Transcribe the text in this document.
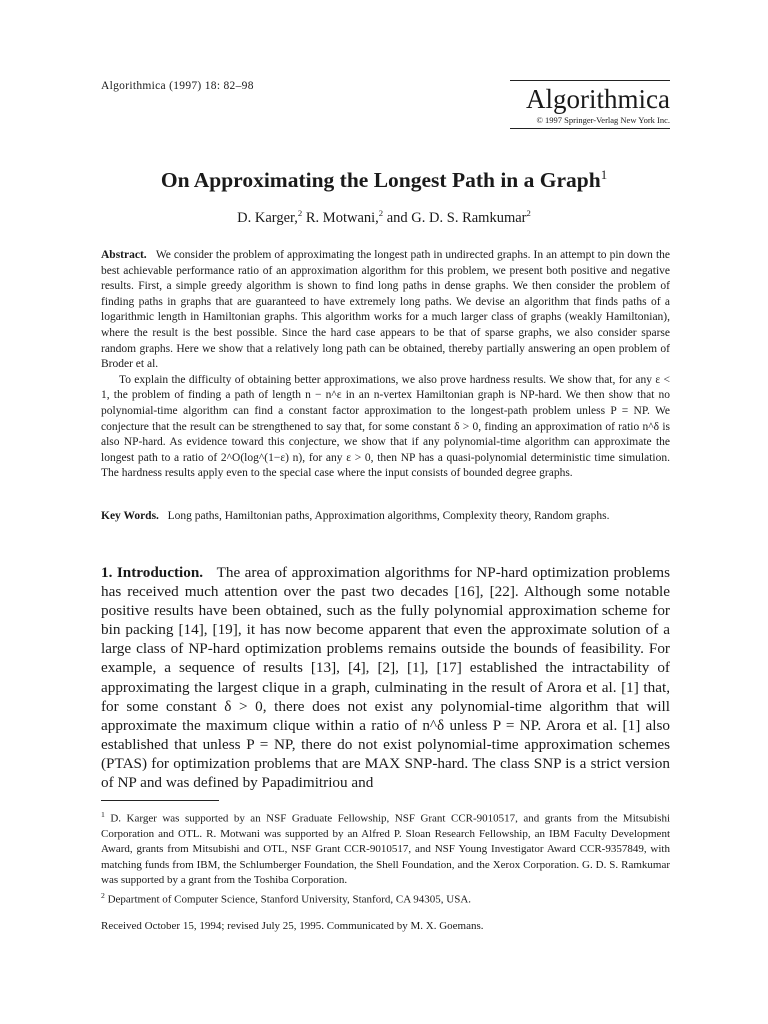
Algorithmica (1997) 18: 82–98	Algorithmica
© 1997 Springer-Verlag New York Inc.
On Approximating the Longest Path in a Graph$^1$
D. Karger,$^2$ R. Motwani,$^2$ and G. D. S. Ramkumar$^2$

Abstract. We consider the problem of approximating the longest path in undirected graphs. In an attempt to pin down the best achievable performance ratio of an approximation algorithm for this problem, we present both positive and negative results. First, a simple greedy algorithm is shown to find long paths in dense graphs. We then consider the problem of finding paths in graphs that are guaranteed to have extremely long paths. We devise an algorithm that finds paths of a logarithmic length in Hamiltonian graphs. This algorithm works for a much larger class of graphs (weakly Hamiltonian), where the result is the best possible. Since the hard case appears to be that of sparse graphs, we also consider sparse random graphs. Here we show that a relatively long path can be obtained, thereby partially answering an open problem of Broder et al.

To explain the difficulty of obtaining better approximations, we also prove hardness results. We show that, for any ε < 1, the problem of finding a path of length n − n^ε in an n-vertex Hamiltonian graph is NP-hard. We then show that no polynomial-time algorithm can find a constant factor approximation to the longest-path problem unless P = NP. We conjecture that the result can be strengthened to say that, for some constant δ > 0, finding an approximation of ratio n^δ is also NP-hard. As evidence toward this conjecture, we show that if any polynomial-time algorithm can approximate the longest path to a ratio of 2^O(log^(1−ε) n), for any ε > 0, then NP has a quasi-polynomial deterministic time simulation. The hardness results apply even to the special case where the input consists of bounded degree graphs.

Key Words. Long paths, Hamiltonian paths, Approximation algorithms, Complexity theory, Random graphs.

1. Introduction. The area of approximation algorithms for NP-hard optimization problems has received much attention over the past two decades [16], [22]. Although some notable positive results have been obtained, such as the fully polynomial approximation scheme for bin packing [14], [19], it has now become apparent that even the approximate solution of a large class of NP-hard optimization problems remains outside the bounds of feasibility. For example, a sequence of results [13], [4], [2], [1], [17] established the intractability of approximating the largest clique in a graph, culminating in the result of Arora et al. [1] that, for some constant δ > 0, there does not exist any polynomial-time algorithm that will approximate the maximum clique within a ratio of n^δ unless P = NP. Arora et al. [1] also established that unless P = NP, there do not exist polynomial-time approximation schemes (PTAS) for optimization problems that are MAX SNP-hard. The class SNP is a strict version of NP and was defined by Papadimitriou and

$^1$ D. Karger was supported by an NSF Graduate Fellowship, NSF Grant CCR-9010517, and grants from the Mitsubishi Corporation and OTL. R. Motwani was supported by an Alfred P. Sloan Research Fellowship, an IBM Faculty Development Award, grants from Mitsubishi and OTL, NSF Grant CCR-9010517, and NSF Young Investigator Award CCR-9357849, with matching funds from IBM, the Schlumberger Foundation, the Shell Foundation, and the Xerox Corporation. G. D. S. Ramkumar was supported by a grant from the Toshiba Corporation.

$^2$ Department of Computer Science, Stanford University, Stanford, CA 94305, USA.

Received October 15, 1994; revised July 25, 1995. Communicated by M. X. Goemans.
